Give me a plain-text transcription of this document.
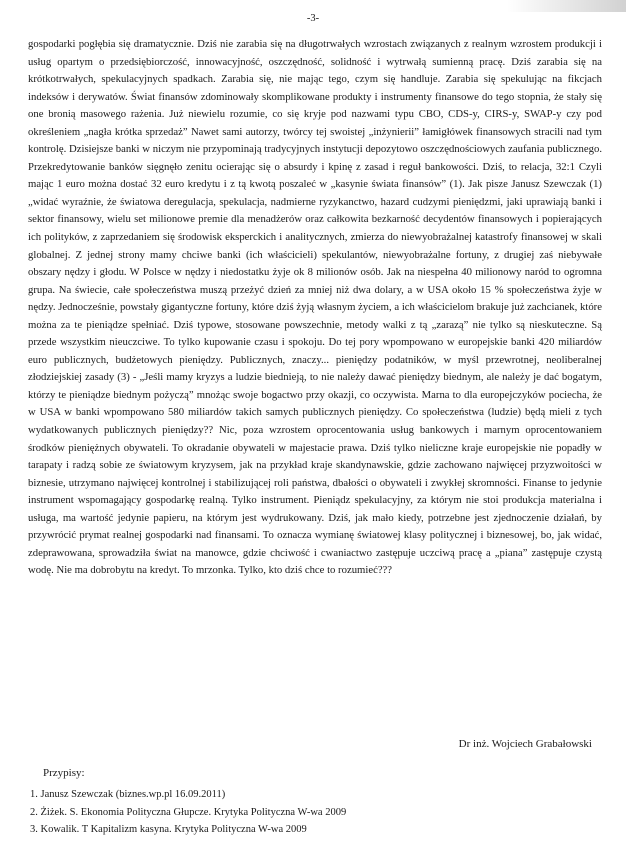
-3-

gospodarki pogłębia się dramatycznie. Dziś nie zarabia się na długotrwałych wzrostach związanych z realnym wzrostem produkcji i usług opartym o przedsiębiorczość, innowacyjność, oszczędność, solidność i wytrwałą sumienną pracę. Dziś zarabia się na krótkotrwałych, spekulacyjnych spadkach. Zarabia się, nie mając tego, czym się handluje. Zarabia się spekulując na fikcjach indeksów i derywatów. Świat finansów zdominowały skomplikowane produkty i instrumenty finansowe do tego stopnia, że stały się one bronią masowego rażenia. Już niewielu rozumie, co się kryje pod nazwami typu CBO, CDS-y, CIRS-y, SWAP-y czy pod określeniem „nagła krótka sprzedaż” Nawet sami autorzy, twórcy tej swoistej „inżynierii” łamigłówek finansowych stracili nad tym kontrolę. Dzisiejsze banki w niczym nie przypominają tradycyjnych instytucji depozytowo oszczędnościowych zaufania publicznego. Przekredytowanie banków sięgnęło zenitu ocierając się o absurdy i kpinę z zasad i reguł bankowości. Dziś, to relacja, 32:1 Czyli mając 1 euro można dostać 32 euro kredytu i z tą kwotą poszaleć w „kasynie świata finansów” (1). Jak pisze Janusz Szewczak (1) „widać wyraźnie, że światowa deregulacja, spekulacja, nadmierne ryzykanctwo, hazard cudzymi pieniędzmi, jaki uprawiają banki i sektor finansowy, wielu set milionowe premie dla menadżerów oraz całkowita bezkarność decydentów finansowych i popierających ich polityków, z zaprzedaniem się środowisk eksperckich i analitycznych, zmierza do niewyobrażalnej katastrofy finansowej w skali globalnej. Z jednej strony mamy chciwe banki (ich właścicieli) spekulantów, niewyobrażalne fortuny, z drugiej zaś niebywałe obszary nędzy i głodu. W Polsce w nędzy i niedostatku żyje ok 8 milionów osób. Jak na niespełna 40 milionowy naród to ogromna grupa. Na świecie, całe społeczeństwa muszą przeżyć dzień za mniej niż dwa dolary, a w USA około 15 % społeczeństwa żyje w nędzy. Jednocześnie, powstały gigantyczne fortuny, które dziś żyją własnym życiem, a ich właścicielom brakuje już zachcianek, które można za te pieniądze spełniać. Dziś typowe, stosowane powszechnie, metody walki z tą „zarazą” nie tylko są nieskuteczne. Są przede wszystkim nieuczciwe. To tylko kupowanie czasu i spokoju. Do tej pory wpompowano w europejskie banki 420 miliardów euro publicznych, budżetowych pieniędzy. Publicznych, znaczy... pieniędzy podatników, w myśl przewrotnej, neoliberalnej złodziejskiej zasady (3) - „Jeśli mamy kryzys a ludzie biednieją, to nie należy dawać pieniędzy biednym, ale należy je dać bogatym, którzy te pieniądze biednym pożyczą” mnożąc swoje bogactwo przy okazji, co oczywista. Marna to dla europejczyków pociecha, że w USA w banki wpompowano 580 miliardów takich samych publicznych pieniędzy. Co społeczeństwa (ludzie) będą mieli z tych wydatkowanych publicznych pieniędzy?? Nic, poza wzrostem oprocentowania usług bankowych i marnym oprocentowaniem środków pieniężnych obywateli. To okradanie obywateli w majestacie prawa. Dziś tylko nieliczne kraje europejskie nie popadły w tarapaty i radzą sobie ze światowym kryzysem, jak na przykład kraje skandynawskie, gdzie zachowano najwięcej przyzwoitości w biznesie, utrzymano najwięcej kontrolnej i stabilizującej roli państwa, dbałości o obywateli i zwykłej skromności. Finanse to jedynie instrument wspomagający gospodarkę realną. Tylko instrument. Pieniądz spekulacyjny, za którym nie stoi produkcja materialna i usługa, ma wartość jedynie papieru, na którym jest wydrukowany. Dziś, jak mało kiedy, potrzebne jest zjednoczenie działań, by przywrócić prymat realnej gospodarki nad finansami. To oznacza wymianę światowej klasy politycznej i biznesowej, bo, jak widać, zdeprawowana, sprowadziła świat na manowce, gdzie chciwość i cwaniactwo zastępuje uczciwą pracę a „piana” zastępuje czystą wodę. Nie ma dobrobytu na kredyt. To mrzonka. Tylko, kto dziś chce to rozumieć???

Dr inż. Wojciech Grabałowski
Przypisy:
1. Janusz Szewczak (biznes.wp.pl 16.09.2011)
2. Żiżek. S. Ekonomia Polityczna Głupcze. Krytyka Polityczna W-wa 2009
3. Kowalik. T Kapitalizm kasyna. Krytyka Polityczna W-wa 2009
